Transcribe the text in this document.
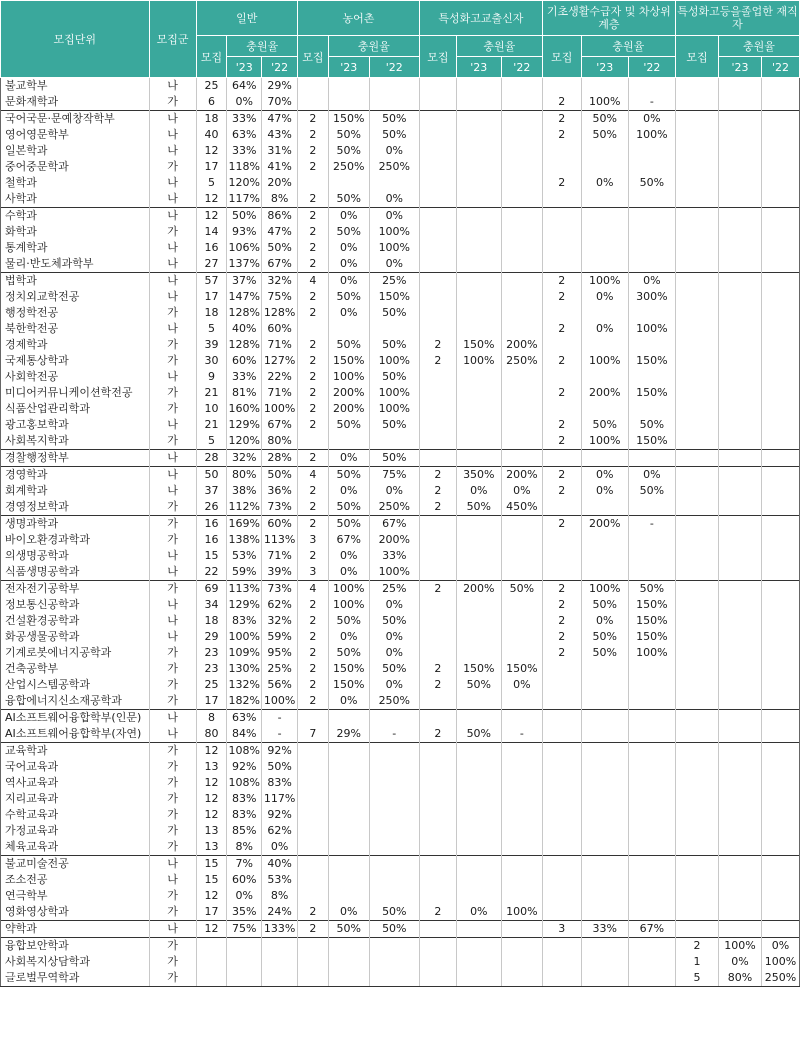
모집단위	모집군	일반			농어촌			특성화고교출신자			기초생활수급자 및 차상위계층			특성화고등을졸업한 재직자		
		모집	충원율		모집	충원율		모집	충원율		모집	충원율		모집	충원율	
			'23	'22		'23	'22		'23	'22		'23	'22		'23	'22
불교학부	나	25	64%	29%												
문화재학과	가	6	0%	70%							2	100%	-			
국어국문·문예창작학부	나	18	33%	47%	2	150%	50%				2	50%	0%			
영어영문학부	나	40	63%	43%	2	50%	50%				2	50%	100%			
일본학과	나	12	33%	31%	2	50%	0%									
중어중문학과	가	17	118%	41%	2	250%	250%									
철학과	나	5	120%	20%							2	0%	50%			
사학과	나	12	117%	8%	2	50%	0%									
수학과	나	12	50%	86%	2	0%	0%									
화학과	가	14	93%	47%	2	50%	100%									
통계학과	나	16	106%	50%	2	0%	100%									
물리·반도체과학부	나	27	137%	67%	2	0%	0%									
법학과	나	57	37%	32%	4	0%	25%				2	100%	0%			
정치외교학전공	나	17	147%	75%	2	50%	150%				2	0%	300%			
행정학전공	가	18	128%	128%	2	0%	50%									
북한학전공	나	5	40%	60%							2	0%	100%			
경제학과	가	39	128%	71%	2	50%	50%	2	150%	200%						
국제통상학과	가	30	60%	127%	2	150%	100%	2	100%	250%	2	100%	150%			
사회학전공	나	9	33%	22%	2	100%	50%									
미디어커뮤니케이션학전공	가	21	81%	71%	2	200%	100%				2	200%	150%			
식품산업관리학과	가	10	160%	100%	2	200%	100%									
광고홍보학과	나	21	129%	67%	2	50%	50%				2	50%	50%			
사회복지학과	가	5	120%	80%							2	100%	150%			
경찰행정학부	나	28	32%	28%	2	0%	50%									
경영학과	나	50	80%	50%	4	50%	75%	2	350%	200%	2	0%	0%			
회계학과	나	37	38%	36%	2	0%	0%	2	0%	0%	2	0%	50%			
경영정보학과	가	26	112%	73%	2	50%	250%	2	50%	450%						
생명과학과	가	16	169%	60%	2	50%	67%				2	200%	-			
바이오환경과학과	가	16	138%	113%	3	67%	200%									
의생명공학과	나	15	53%	71%	2	0%	33%									
식품생명공학과	나	22	59%	39%	3	0%	100%									
전자전기공학부	가	69	113%	73%	4	100%	25%	2	200%	50%	2	100%	50%			
정보통신공학과	나	34	129%	62%	2	100%	0%				2	50%	150%			
건설환경공학과	나	18	83%	32%	2	50%	50%				2	0%	150%			
화공생물공학과	나	29	100%	59%	2	0%	0%				2	50%	150%			
기계로봇에너지공학과	가	23	109%	95%	2	50%	0%				2	50%	100%			
건축공학부	가	23	130%	25%	2	150%	50%	2	150%	150%						
산업시스템공학과	가	25	132%	56%	2	150%	0%	2	50%	0%						
융합에너지신소재공학과	가	17	182%	100%	2	0%	250%									
AI소프트웨어융합학부(인문)	나	8	63%	-												
AI소프트웨어융합학부(자연)	나	80	84%	-	7	29%	-	2	50%	-						
교육학과	가	12	108%	92%												
국어교육과	가	13	92%	50%												
역사교육과	가	12	108%	83%												
지리교육과	가	12	83%	117%												
수학교육과	가	12	83%	92%												
가정교육과	가	13	85%	62%												
체육교육과	가	13	8%	0%												
불교미술전공	나	15	7%	40%												
조소전공	나	15	60%	53%												
연극학부	가	12	0%	8%												
영화영상학과	가	17	35%	24%	2	0%	50%	2	0%	100%						
약학과	나	12	75%	133%	2	50%	50%				3	33%	67%			
융합보안학과	가													2	100%	0%
사회복지상담학과	가													1	0%	100%
글로벌무역학과	가													5	80%	250%
